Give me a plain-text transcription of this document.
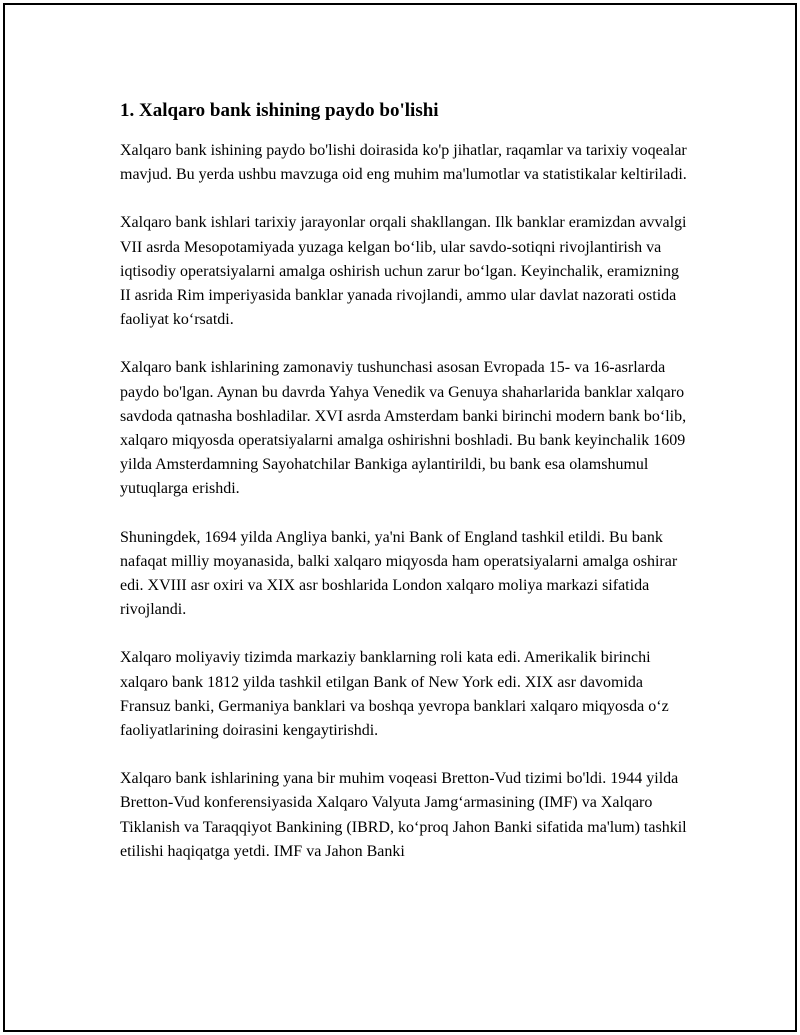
1. Xalqaro bank ishining paydo bo'lishi

Xalqaro bank ishining paydo bo'lishi doirasida ko'p jihatlar, raqamlar va tarixiy voqealar mavjud. Bu yerda ushbu mavzuga oid eng muhim ma'lumotlar va statistikalar keltiriladi.

Xalqaro bank ishlari tarixiy jarayonlar orqali shakllangan. Ilk banklar eramizdan avvalgi VII asrda Mesopotamiyada yuzaga kelgan bo‘lib, ular savdo-sotiqni rivojlantirish va iqtisodiy operatsiyalarni amalga oshirish uchun zarur bo‘lgan. Keyinchalik, eramizning II asrida Rim imperiyasida banklar yanada rivojlandi, ammo ular davlat nazorati ostida faoliyat ko‘rsatdi.

Xalqaro bank ishlarining zamonaviy tushunchasi asosan Evropada 15- va 16-asrlarda paydo bo'lgan. Aynan bu davrda Yahya Venedik va Genuya shaharlarida banklar xalqaro savdoda qatnasha boshladilar. XVI asrda Amsterdam banki birinchi modern bank bo‘lib, xalqaro miqyosda operatsiyalarni amalga oshirishni boshladi. Bu bank keyinchalik 1609 yilda Amsterdamning Sayohatchilar Bankiga aylantirildi, bu bank esa olamshumul yutuqlarga erishdi.

Shuningdek, 1694 yilda Angliya banki, ya'ni Bank of England tashkil etildi. Bu bank nafaqat milliy moyanasida, balki xalqaro miqyosda ham operatsiyalarni amalga oshirar edi. XVIII asr oxiri va XIX asr boshlarida London xalqaro moliya markazi sifatida rivojlandi.

Xalqaro moliyaviy tizimda markaziy banklarning roli kata edi. Amerikalik birinchi xalqaro bank 1812 yilda tashkil etilgan Bank of New York edi. XIX asr davomida Fransuz banki, Germaniya banklari va boshqa yevropa banklari xalqaro miqyosda o‘z faoliyatlarining doirasini kengaytirishdi.

Xalqaro bank ishlarining yana bir muhim voqeasi Bretton-Vud tizimi bo'ldi. 1944 yilda Bretton-Vud konferensiyasida Xalqaro Valyuta Jamg‘armasining (IMF) va Xalqaro Tiklanish va Taraqqiyot Bankining (IBRD, ko‘proq Jahon Banki sifatida ma'lum) tashkil etilishi haqiqatga yetdi. IMF va Jahon Banki
